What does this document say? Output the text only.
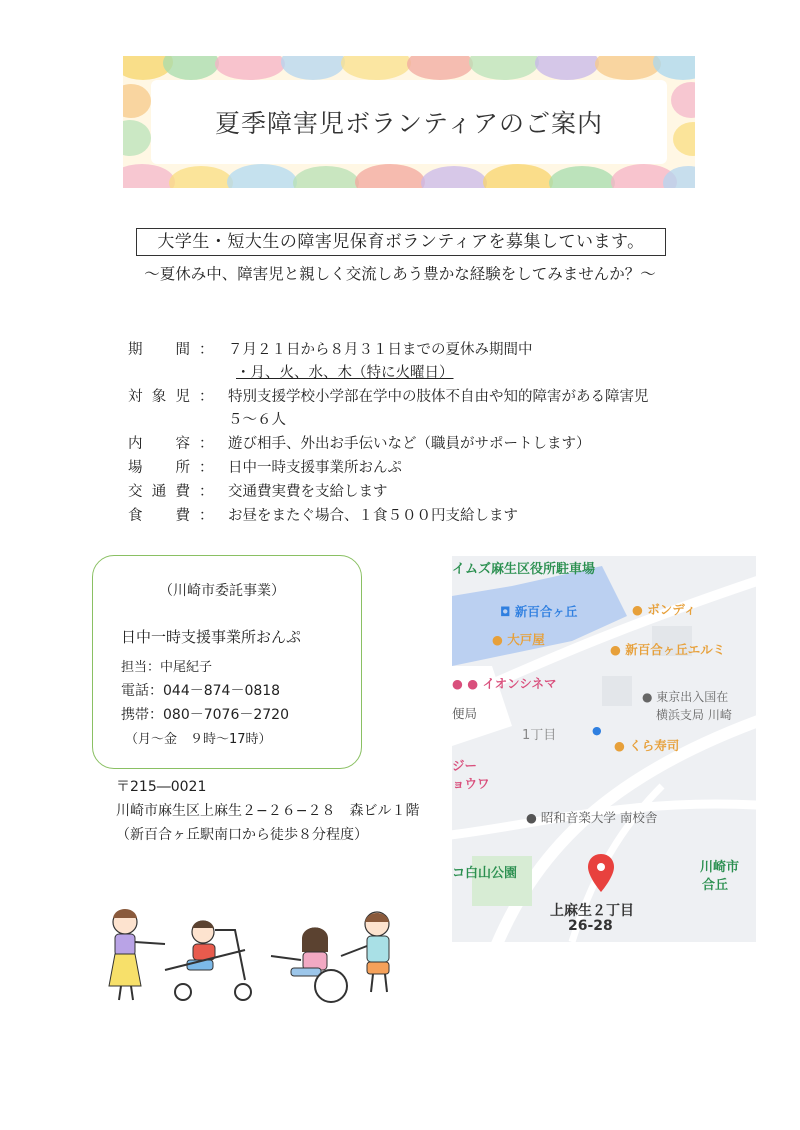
夏季障害児ボランティアのご案内
大学生・短大生の障害児保育ボランティアを募集しています。
～夏休み中、障害児と親しく交流しあう豊かな経験をしてみませんか？～
期間 ： ７月２１日から８月３１日までの夏休み期間中
・月、火、水、木（特に火曜日）
対象児 ： 特別支援学校小学部在学中の肢体不自由や知的障害がある障害児
５～６人
内容 ： 遊び相手、外出お手伝いなど（職員がサポートします）
場所 ： 日中一時支援事業所おんぷ
交通費 ： 交通費実費を支給します
食費 ： お昼をまたぐ場合、１食５００円支給します
（川崎市委託事業）
日中一時支援事業所おんぷ
担当：中尾紀子
電話：044－874－0818
携帯：080－7076－2720
（月～金　９時～17時）
〒215―0021
川崎市麻生区上麻生２−２６−２８　森ビル１階
（新百合ヶ丘駅南口から徒歩８分程度）
イムズ麻生区役所駐車場
◘ 新百合ヶ丘	● ボンディ
● 大戸屋
● 新百合ヶ丘エルミ
● ● イオンシネマ
● 東京出入国在
横浜支局 川崎
便局
1丁目	●
● くら寿司
ジー
ョウワ
● 昭和音楽大学 南校舎
コ白山公園	川崎市
合丘
上麻生２丁目
26-28
